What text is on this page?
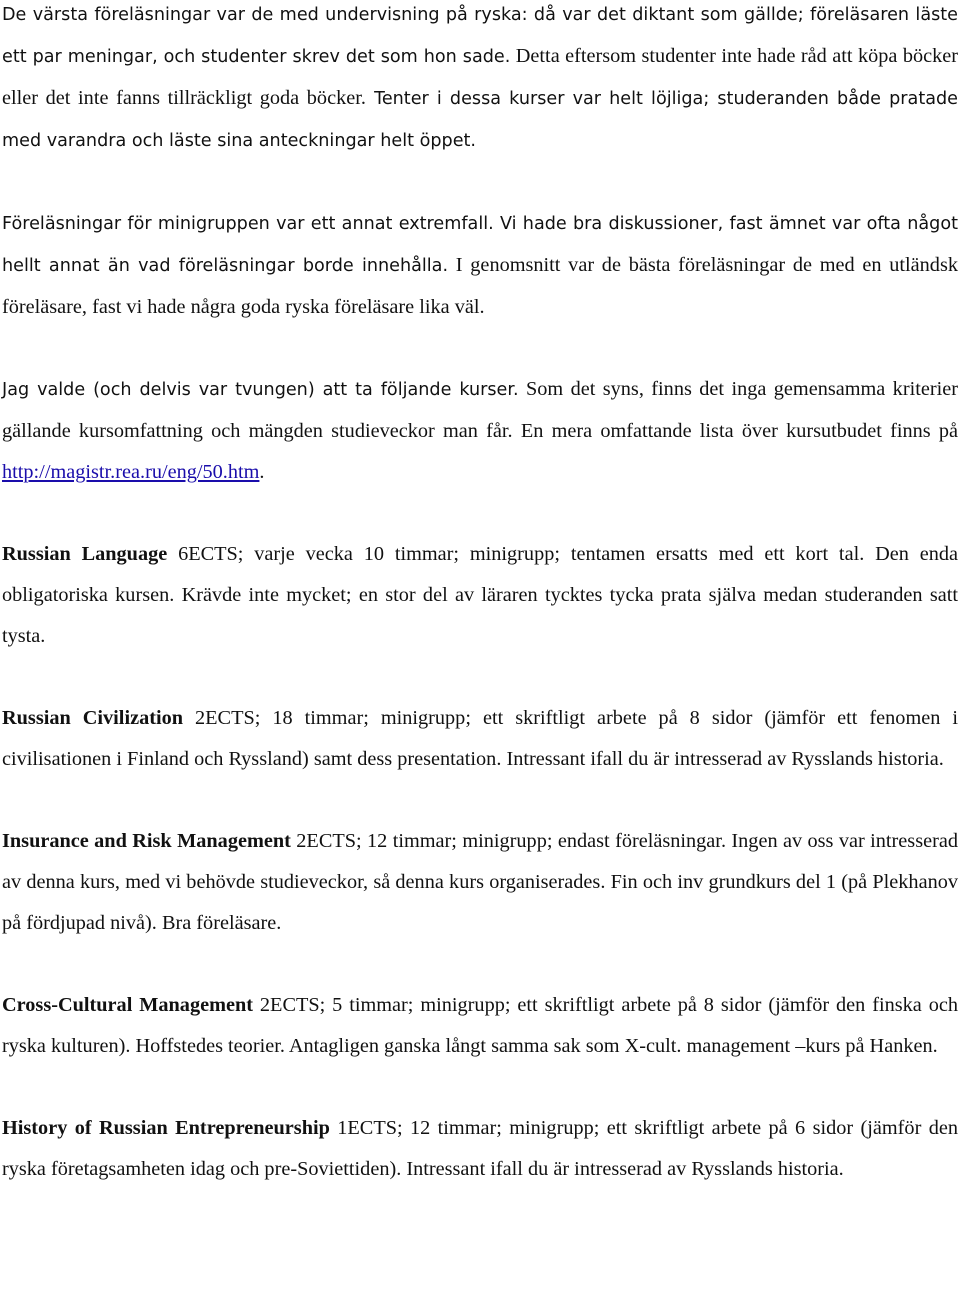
De värsta föreläsningar var de med undervisning på ryska: då var det diktant som gällde; föreläsaren läste ett par meningar, och studenter skrev det som hon sade. Detta eftersom studenter inte hade råd att köpa böcker eller det inte fanns tillräckligt goda böcker. Tenter i dessa kurser var helt löjliga; studeranden både pratade med varandra och läste sina anteckningar helt öppet.

Föreläsningar för minigruppen var ett annat extremfall. Vi hade bra diskussioner, fast ämnet var ofta något hellt annat än vad föreläsningar borde innehålla. I genomsnitt var de bästa föreläsningar de med en utländsk föreläsare, fast vi hade några goda ryska föreläsare lika väl.

Jag valde (och delvis var tvungen) att ta följande kurser. Som det syns, finns det inga gemensamma kriterier gällande kursomfattning och mängden studieveckor man får. En mera omfattande lista över kursutbudet finns på http://magistr.rea.ru/eng/50.htm.

Russian Language 6ECTS; varje vecka 10 timmar; minigrupp; tentamen ersatts med ett kort tal. Den enda obligatoriska kursen. Krävde inte mycket; en stor del av läraren tycktes tycka prata själva medan studeranden satt tysta.

Russian Civilization 2ECTS; 18 timmar; minigrupp; ett skriftligt arbete på 8 sidor (jämför ett fenomen i civilisationen i Finland och Ryssland) samt dess presentation. Intressant ifall du är intresserad av Rysslands historia.

Insurance and Risk Management 2ECTS; 12 timmar; minigrupp; endast föreläsningar. Ingen av oss var intresserad av denna kurs, med vi behövde studieveckor, så denna kurs organiserades. Fin och inv grundkurs del 1 (på Plekhanov på fördjupad nivå). Bra föreläsare.

Cross-Cultural Management 2ECTS; 5 timmar; minigrupp; ett skriftligt arbete på 8 sidor (jämför den finska och ryska kulturen). Hoffstedes teorier. Antagligen ganska långt samma sak som X-cult. management –kurs på Hanken.

History of Russian Entrepreneurship 1ECTS; 12 timmar; minigrupp; ett skriftligt arbete på 6 sidor (jämför den ryska företagsamheten idag och pre-Soviettiden). Intressant ifall du är intresserad av Rysslands historia.
